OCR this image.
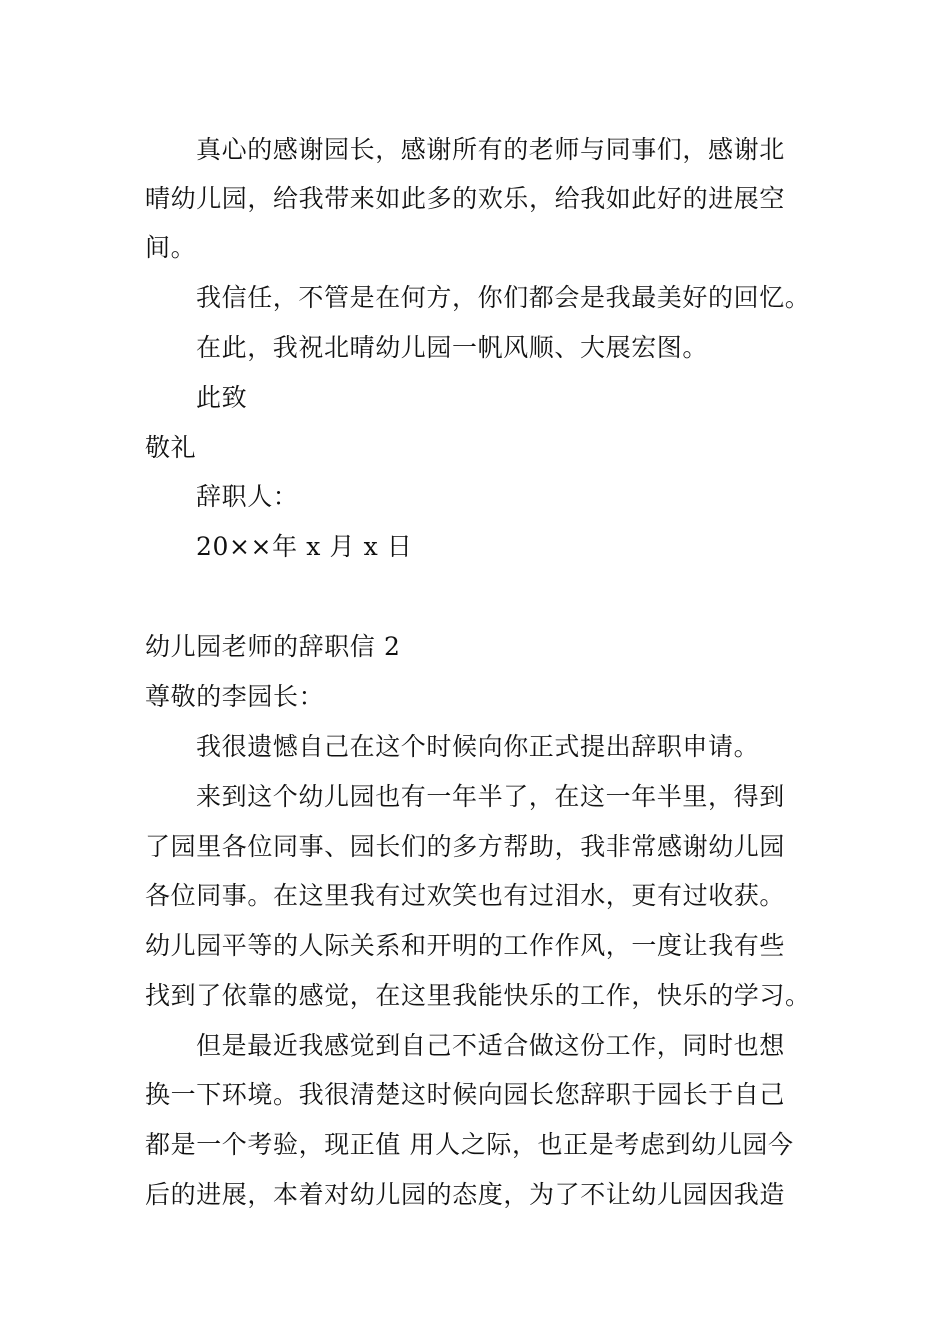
真心的感谢园长，感谢所有的老师与同事们，感谢北
晴幼儿园，给我带来如此多的欢乐，给我如此好的进展空
间。
我信任，不管是在何方，你们都会是我最美好的回忆。
在此，我祝北晴幼儿园一帆风顺、大展宏图。
此致
敬礼
辞职人：
20××年 x 月 x 日
幼儿园老师的辞职信 2
尊敬的李园长：
我很遗憾自己在这个时候向你正式提出辞职申请。
来到这个幼儿园也有一年半了，在这一年半里，得到
了园里各位同事、园长们的多方帮助，我非常感谢幼儿园
各位同事。在这里我有过欢笑也有过泪水，更有过收获。
幼儿园平等的人际关系和开明的工作作风，一度让我有些
找到了依靠的感觉，在这里我能快乐的工作，快乐的学习。
但是最近我感觉到自己不适合做这份工作，同时也想
换一下环境。我很清楚这时候向园长您辞职于园长于自己
都是一个考验，现正值 用人之际，也正是考虑到幼儿园今
后的进展，本着对幼儿园的态度，为了不让幼儿园因我造
